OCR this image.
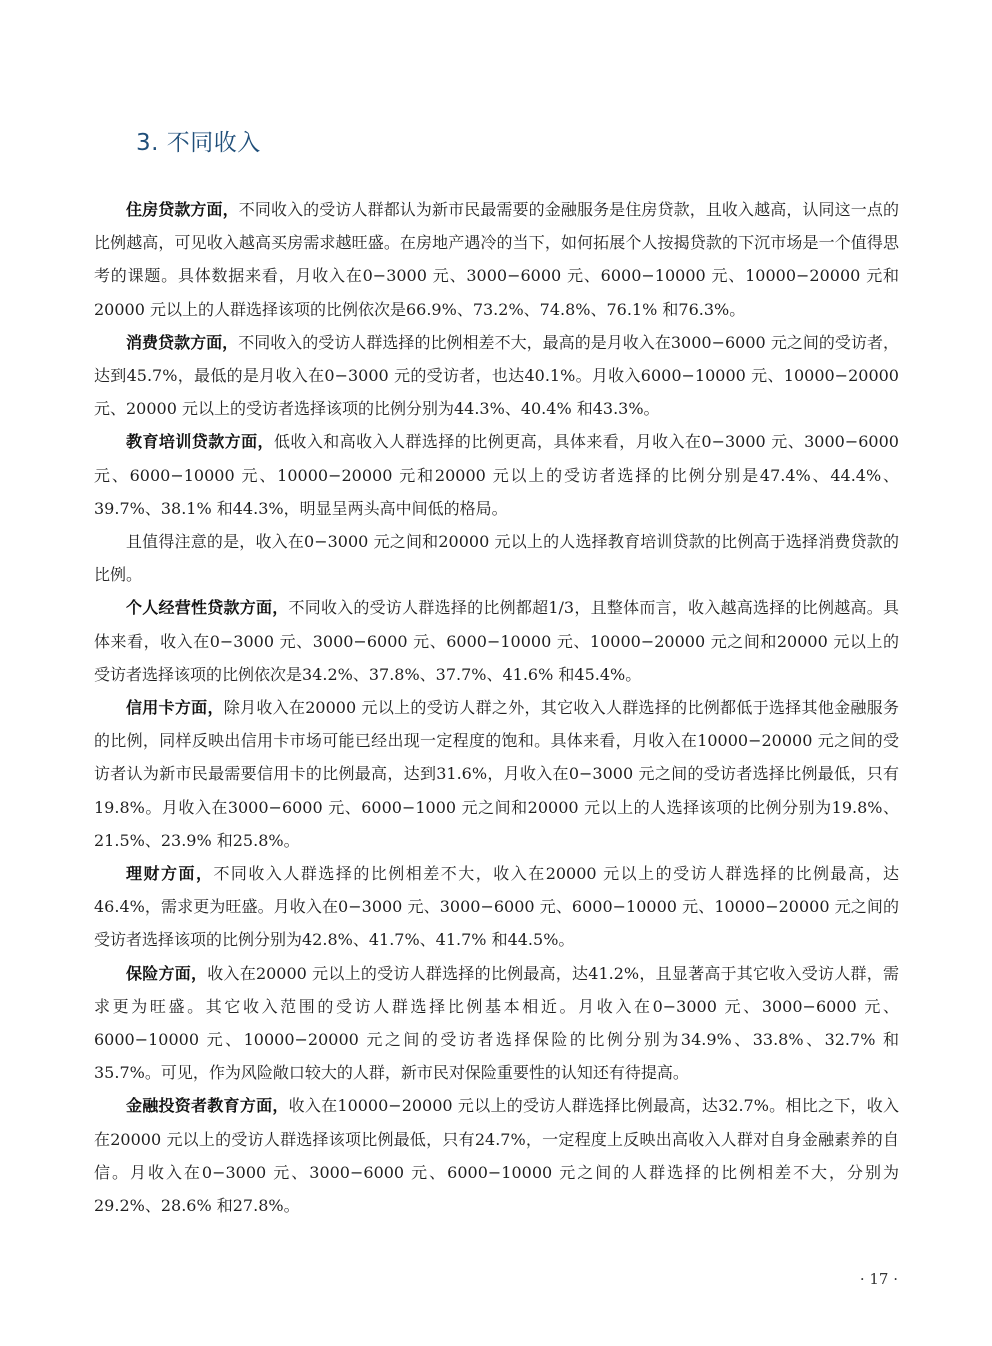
3. 不同收入

住房贷款方面，不同收入的受访人群都认为新市民最需要的金融服务是住房贷款，且收入越高，认同这一点的比例越高，可见收入越高买房需求越旺盛。在房地产遇冷的当下，如何拓展个人按揭贷款的下沉市场是一个值得思考的课题。具体数据来看，月收入在0−3000 元、3000−6000 元、6000−10000 元、10000−20000 元和20000 元以上的人群选择该项的比例依次是66.9%、73.2%、74.8%、76.1% 和76.3%。

消费贷款方面，不同收入的受访人群选择的比例相差不大，最高的是月收入在3000−6000 元之间的受访者，达到45.7%，最低的是月收入在0−3000 元的受访者，也达40.1%。月收入6000−10000 元、10000−20000 元、20000 元以上的受访者选择该项的比例分别为44.3%、40.4% 和43.3%。

教育培训贷款方面，低收入和高收入人群选择的比例更高，具体来看，月收入在0−3000 元、3000−6000 元、6000−10000 元、10000−20000 元和20000 元以上的受访者选择的比例分别是47.4%、44.4%、39.7%、38.1% 和44.3%，明显呈两头高中间低的格局。

且值得注意的是，收入在0−3000 元之间和20000 元以上的人选择教育培训贷款的比例高于选择消费贷款的比例。

个人经营性贷款方面，不同收入的受访人群选择的比例都超1/3，且整体而言，收入越高选择的比例越高。具体来看，收入在0−3000 元、3000−6000 元、6000−10000 元、10000−20000 元之间和20000 元以上的受访者选择该项的比例依次是34.2%、37.8%、37.7%、41.6% 和45.4%。

信用卡方面，除月收入在20000 元以上的受访人群之外，其它收入人群选择的比例都低于选择其他金融服务的比例，同样反映出信用卡市场可能已经出现一定程度的饱和。具体来看，月收入在10000−20000 元之间的受访者认为新市民最需要信用卡的比例最高，达到31.6%，月收入在0−3000 元之间的受访者选择比例最低，只有19.8%。月收入在3000−6000 元、6000−1000 元之间和20000 元以上的人选择该项的比例分别为19.8%、21.5%、23.9% 和25.8%。

理财方面，不同收入人群选择的比例相差不大，收入在20000 元以上的受访人群选择的比例最高，达46.4%，需求更为旺盛。月收入在0−3000 元、3000−6000 元、6000−10000 元、10000−20000 元之间的受访者选择该项的比例分别为42.8%、41.7%、41.7% 和44.5%。

保险方面，收入在20000 元以上的受访人群选择的比例最高，达41.2%，且显著高于其它收入受访人群，需求更为旺盛。其它收入范围的受访人群选择比例基本相近。月收入在0−3000 元、3000−6000 元、6000−10000 元、10000−20000 元之间的受访者选择保险的比例分别为34.9%、33.8%、32.7% 和35.7%。可见，作为风险敞口较大的人群，新市民对保险重要性的认知还有待提高。

金融投资者教育方面，收入在10000−20000 元以上的受访人群选择比例最高，达32.7%。相比之下，收入在20000 元以上的受访人群选择该项比例最低，只有24.7%，一定程度上反映出高收入人群对自身金融素养的自信。月收入在0−3000 元、3000−6000 元、6000−10000 元之间的人群选择的比例相差不大，分别为29.2%、28.6% 和27.8%。

· 17 ·
